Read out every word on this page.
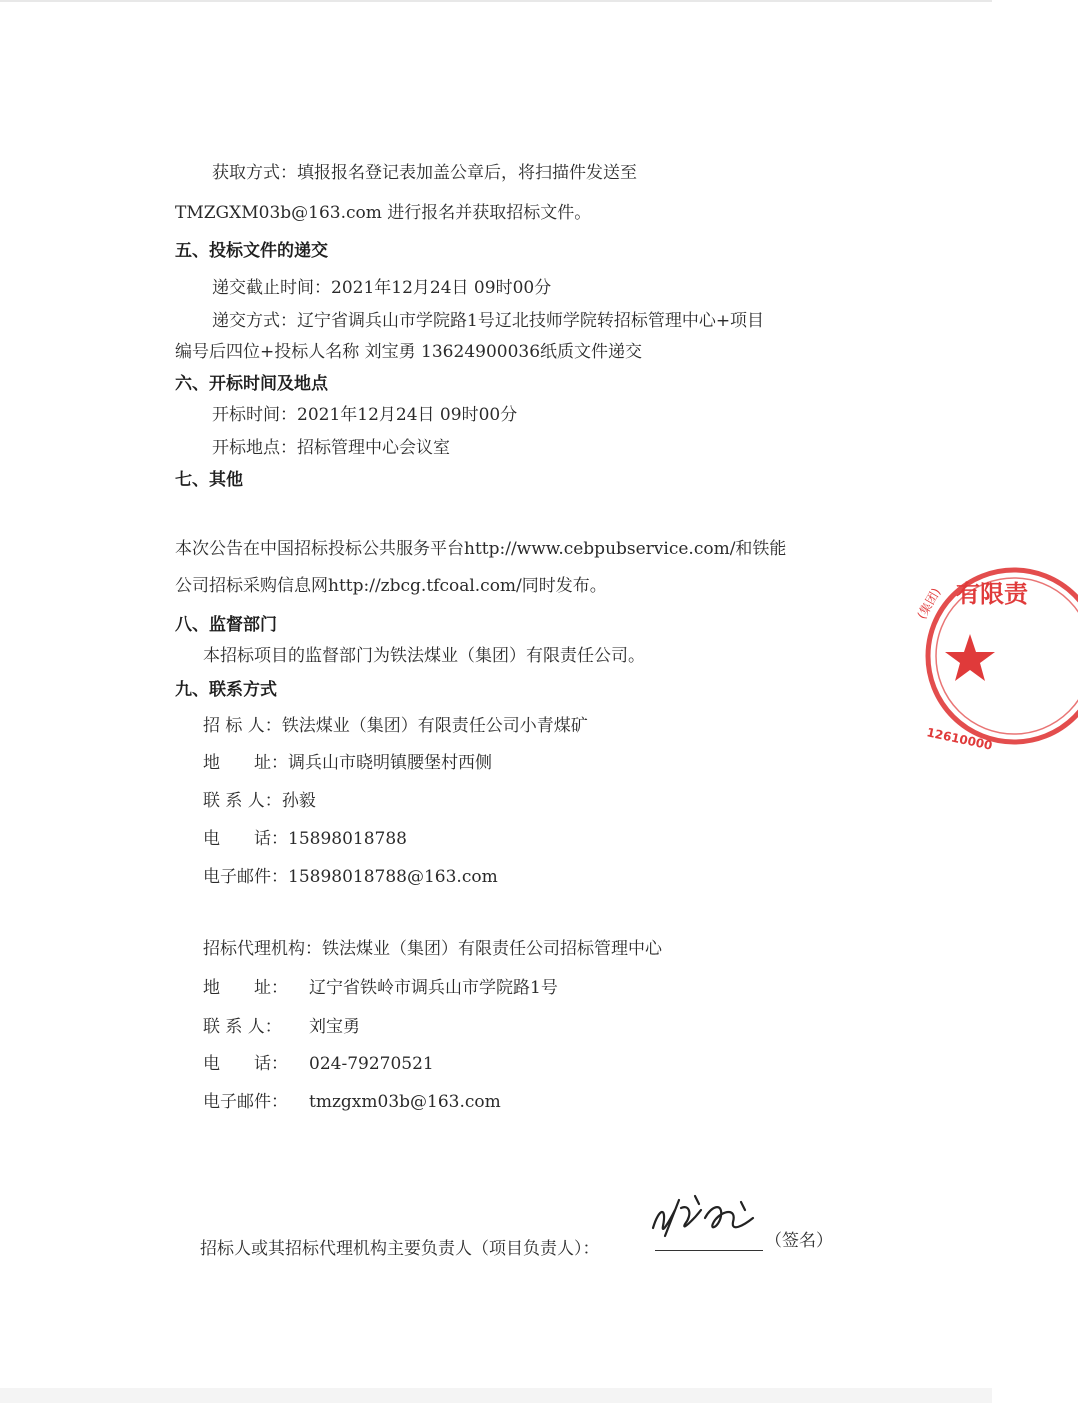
获取方式：填报报名登记表加盖公章后，将扫描件发送至
TMZGXM03b@163.com 进行报名并获取招标文件。
五、投标文件的递交
递交截止时间：2021年12月24日 09时00分
递交方式：辽宁省调兵山市学院路1号辽北技师学院转招标管理中心+项目
编号后四位+投标人名称 刘宝勇 13624900036纸质文件递交
六、开标时间及地点
开标时间：2021年12月24日 09时00分
开标地点：招标管理中心会议室
七、其他
本次公告在中国招标投标公共服务平台http://www.cebpubservice.com/和铁能
公司招标采购信息网http://zbcg.tfcoal.com/同时发布。
八、监督部门
本招标项目的监督部门为铁法煤业（集团）有限责任公司。
九、联系方式
招 标 人：铁法煤业（集团）有限责任公司小青煤矿
地　　址：调兵山市晓明镇腰堡村西侧
联 系 人：孙毅
电　　话：15898018788
电子邮件：15898018788@163.com
招标代理机构：铁法煤业（集团）有限责任公司招标管理中心
地　　址： 辽宁省铁岭市调兵山市学院路1号
联 系 人： 刘宝勇
电　　话： 024-79270521
电子邮件： tmzgxm03b@163.com
招标人或其招标代理机构主要负责人（项目负责人）：	（签名）
有限责
(集团)
12610000
